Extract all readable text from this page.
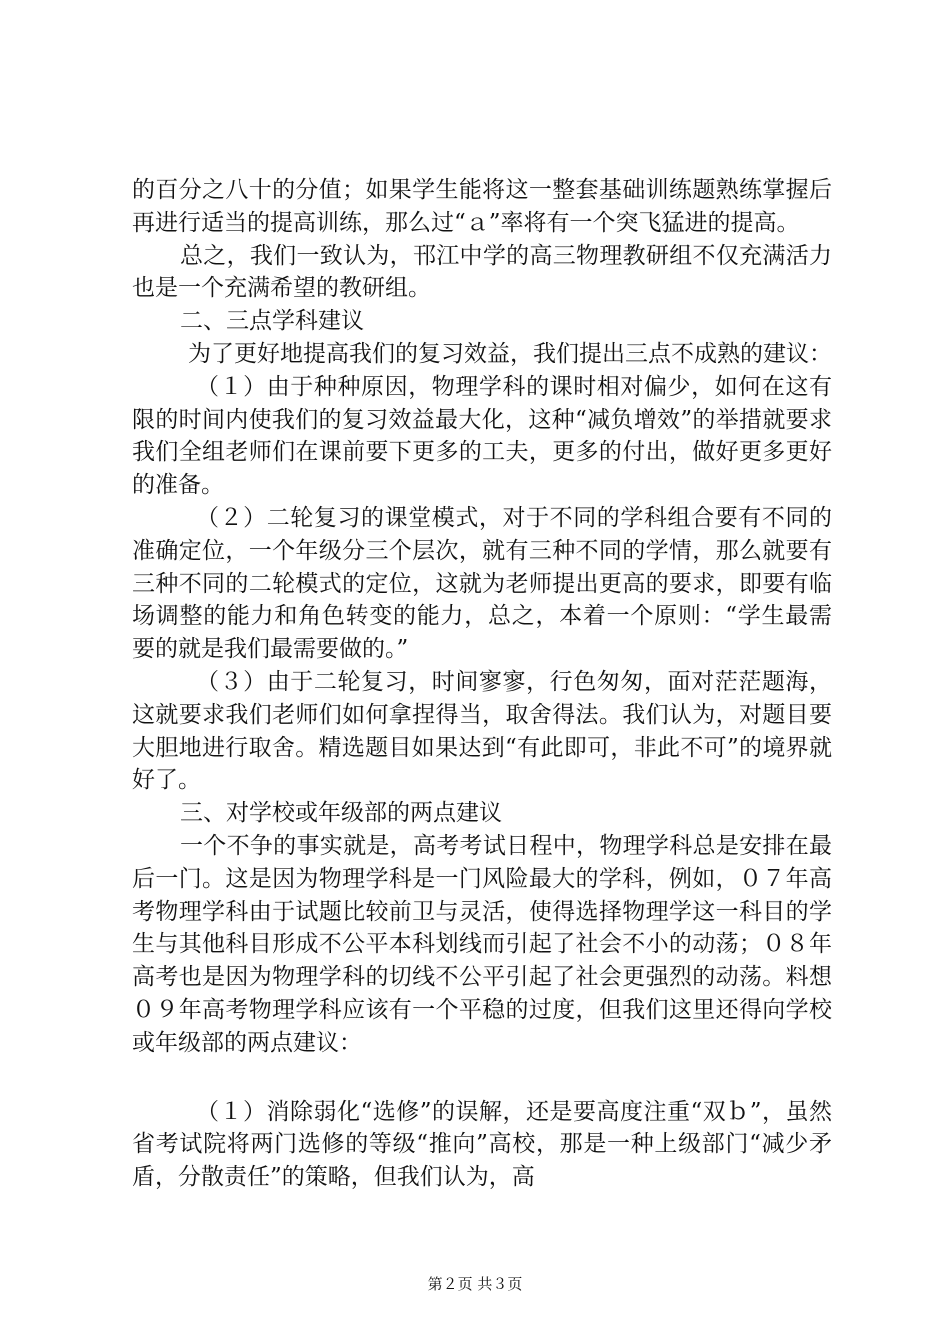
的百分之八十的分值；如果学生能将这一整套基础训练题熟练掌握后再进行适当的提高训练，那么过“ａ”率将有一个突飞猛进的提高。

总之，我们一致认为，邗江中学的高三物理教研组不仅充满活力也是一个充满希望的教研组。

二、三点学科建议

为了更好地提高我们的复习效益，我们提出三点不成熟的建议：

（１）由于种种原因，物理学科的课时相对偏少，如何在这有限的时间内使我们的复习效益最大化，这种“减负增效”的举措就要求我们全组老师们在课前要下更多的工夫，更多的付出，做好更多更好的准备。

（２）二轮复习的课堂模式，对于不同的学科组合要有不同的准确定位，一个年级分三个层次，就有三种不同的学情，那么就要有三种不同的二轮模式的定位，这就为老师提出更高的要求，即要有临场调整的能力和角色转变的能力，总之，本着一个原则：“学生最需要的就是我们最需要做的。”

（３）由于二轮复习，时间寥寥，行色匆匆，面对茫茫题海，这就要求我们老师们如何拿捏得当，取舍得法。我们认为，对题目要大胆地进行取舍。精选题目如果达到“有此即可，非此不可”的境界就好了。

三、对学校或年级部的两点建议

一个不争的事实就是，高考考试日程中，物理学科总是安排在最后一门。这是因为物理学科是一门风险最大的学科，例如，０７年高考物理学科由于试题比较前卫与灵活，使得选择物理学这一科目的学生与其他科目形成不公平本科划线而引起了社会不小的动荡；０８年高考也是因为物理学科的切线不公平引起了社会更强烈的动荡。料想０９年高考物理学科应该有一个平稳的过度，但我们这里还得向学校或年级部的两点建议：

（１）消除弱化“选修”的误解，还是要高度注重“双ｂ”，虽然省考试院将两门选修的等级“推向”高校，那是一种上级部门“减少矛盾，分散责任”的策略，但我们认为，高

第２页 共３页
